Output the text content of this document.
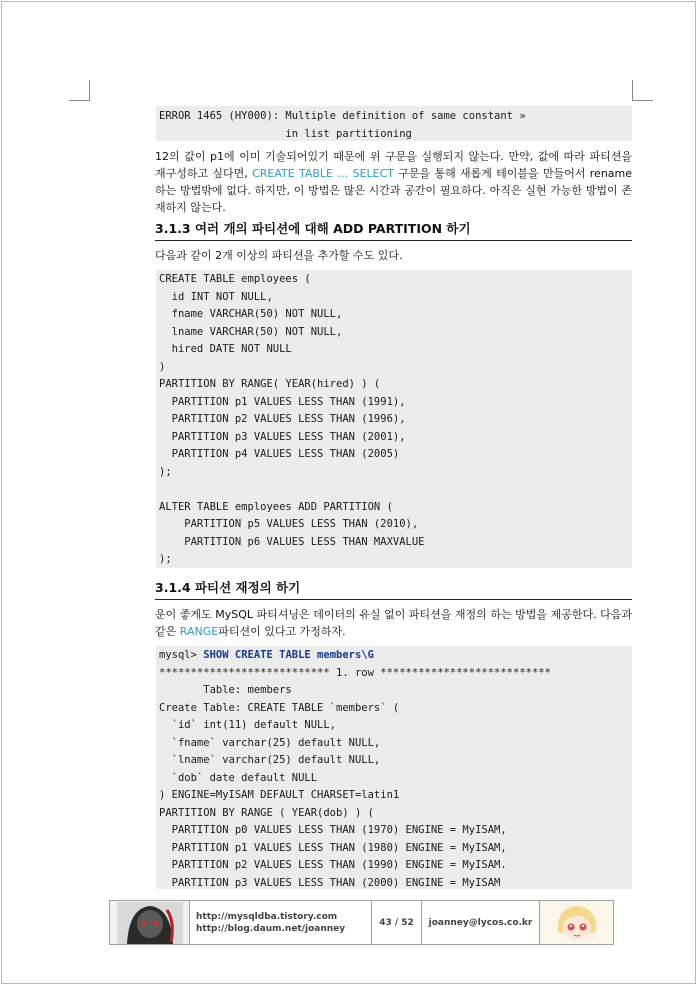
ERROR 1465 (HY000): Multiple definition of same constant »
in list partitioning
12의 값이 p1에 이미 기술되어있기 때문에 위 구문을 실행되지 않는다. 만약, 값에 따라 파티션을 재구성하고 싶다면, CREATE TABLE … SELECT 구문을 통해 새롭게 테이블을 만들어서 rename하는 방법밖에 없다. 하지만, 이 방법은 많은 시간과 공간이 필요하다. 아직은 실현 가능한 방법이 존재하지 않는다.
3.1.3 여러 개의 파티션에 대해 ADD PARTITION 하기
다음과 같이 2개 이상의 파티션을 추가할 수도 있다.
CREATE TABLE employees (
id INT NOT NULL,
fname VARCHAR(50) NOT NULL,
lname VARCHAR(50) NOT NULL,
hired DATE NOT NULL
)
PARTITION BY RANGE( YEAR(hired) ) (
PARTITION p1 VALUES LESS THAN (1991),
PARTITION p2 VALUES LESS THAN (1996),
PARTITION p3 VALUES LESS THAN (2001),
PARTITION p4 VALUES LESS THAN (2005)
);

ALTER TABLE employees ADD PARTITION (
PARTITION p5 VALUES LESS THAN (2010),
PARTITION p6 VALUES LESS THAN MAXVALUE
);
3.1.4 파티션 재정의 하기
운이 좋게도 MySQL 파티셔닝은 데이터의 유실 없이 파티션을 재정의 하는 방법을 제공한다. 다음과 같은 RANGE파티션이 있다고 가정하자.
mysql> SHOW CREATE TABLE members\G
*************************** 1. row ***************************
Table: members
Create Table: CREATE TABLE `members` (
`id` int(11) default NULL,
`fname` varchar(25) default NULL,
`lname` varchar(25) default NULL,
`dob` date default NULL
) ENGINE=MyISAM DEFAULT CHARSET=latin1
PARTITION BY RANGE ( YEAR(dob) ) (
PARTITION p0 VALUES LESS THAN (1970) ENGINE = MyISAM,
PARTITION p1 VALUES LESS THAN (1980) ENGINE = MyISAM,
PARTITION p2 VALUES LESS THAN (1990) ENGINE = MyISAM.
PARTITION p3 VALUES LESS THAN (2000) ENGINE = MyISAM
http://mysqldba.tistory.com
http://blog.daum.net/joanney
43 / 52	joanney@lycos.co.kr
